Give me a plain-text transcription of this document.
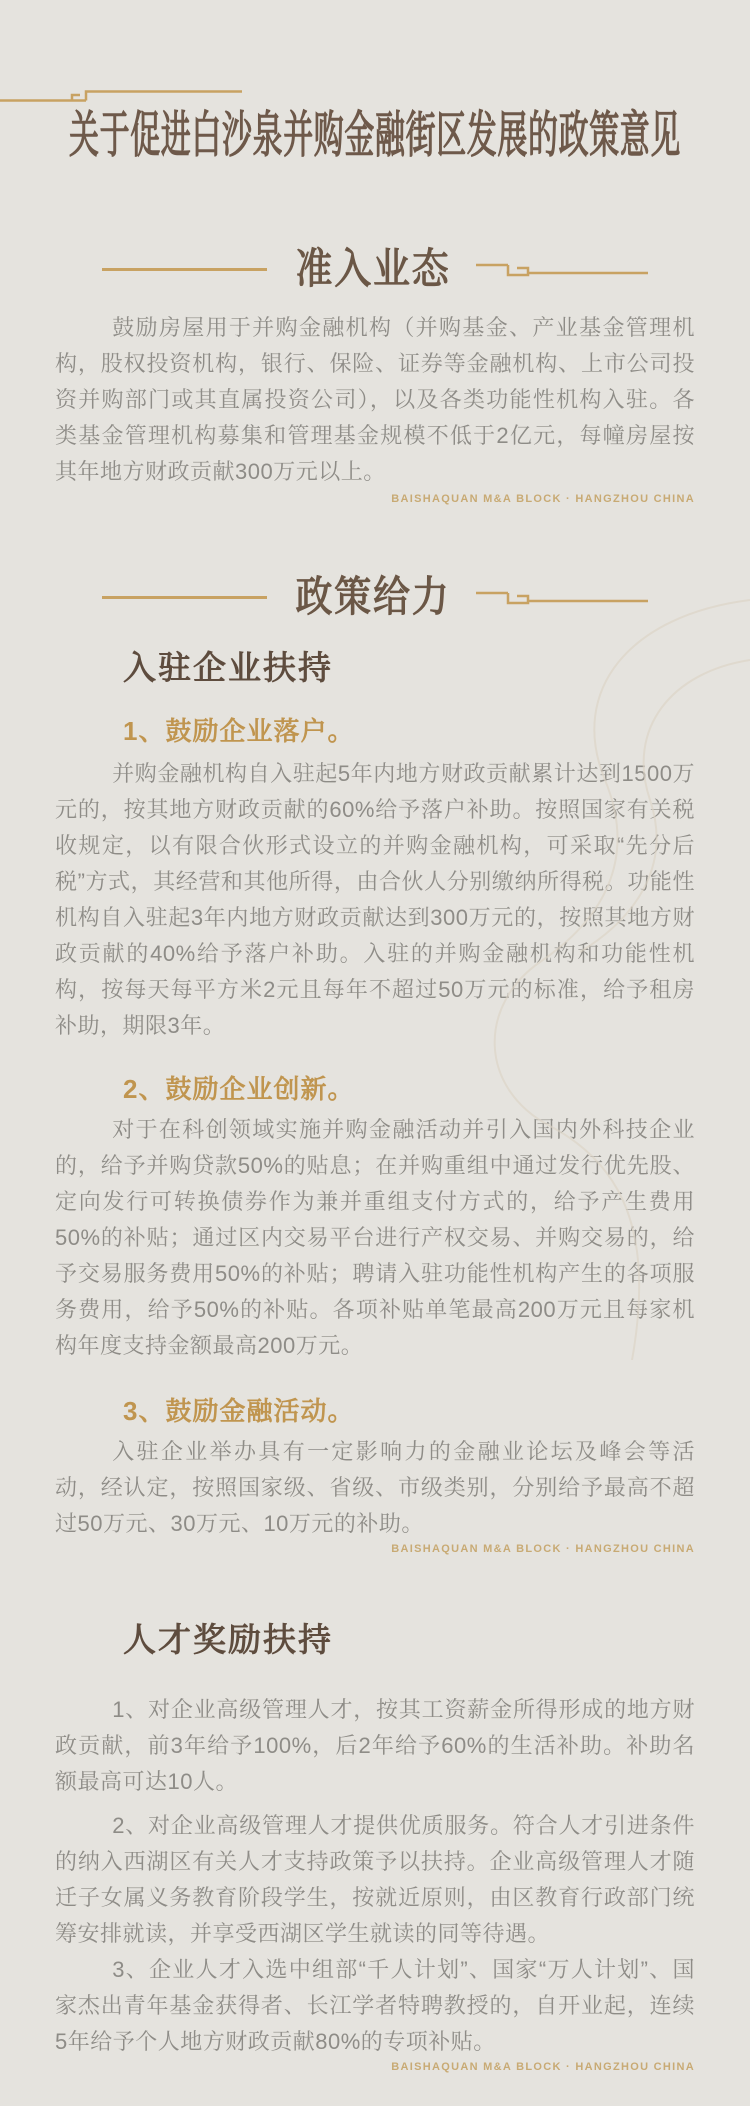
关于促进白沙泉并购金融街区发展的政策意见
准入业态
鼓励房屋用于并购金融机构（并购基金、产业基金管理机构，股权投资机构，银行、保险、证券等金融机构、上市公司投资并购部门或其直属投资公司），以及各类功能性机构入驻。各类基金管理机构募集和管理基金规模不低于2亿元，每幢房屋按其年地方财政贡献300万元以上。
BAISHAQUAN M&A BLOCK · HANGZHOU CHINA
政策给力
入驻企业扶持
1、鼓励企业落户。
并购金融机构自入驻起5年内地方财政贡献累计达到1500万元的，按其地方财政贡献的60%给予落户补助。按照国家有关税收规定，以有限合伙形式设立的并购金融机构，可采取“先分后税”方式，其经营和其他所得，由合伙人分别缴纳所得税。功能性机构自入驻起3年内地方财政贡献达到300万元的，按照其地方财政贡献的40%给予落户补助。入驻的并购金融机构和功能性机构，按每天每平方米2元且每年不超过50万元的标准，给予租房补助，期限3年。
2、鼓励企业创新。
对于在科创领域实施并购金融活动并引入国内外科技企业的，给予并购贷款50%的贴息；在并购重组中通过发行优先股、定向发行可转换债券作为兼并重组支付方式的，给予产生费用50%的补贴；通过区内交易平台进行产权交易、并购交易的，给予交易服务费用50%的补贴；聘请入驻功能性机构产生的各项服务费用，给予50%的补贴。各项补贴单笔最高200万元且每家机构年度支持金额最高200万元。
3、鼓励金融活动。
入驻企业举办具有一定影响力的金融业论坛及峰会等活动，经认定，按照国家级、省级、市级类别，分别给予最高不超过50万元、30万元、10万元的补助。
BAISHAQUAN M&A BLOCK · HANGZHOU CHINA
人才奖励扶持
1、对企业高级管理人才，按其工资薪金所得形成的地方财政贡献，前3年给予100%，后2年给予60%的生活补助。补助名额最高可达10人。
2、对企业高级管理人才提供优质服务。符合人才引进条件的纳入西湖区有关人才支持政策予以扶持。企业高级管理人才随迁子女属义务教育阶段学生，按就近原则，由区教育行政部门统筹安排就读，并享受西湖区学生就读的同等待遇。
3、企业人才入选中组部“千人计划”、国家“万人计划”、国家杰出青年基金获得者、长江学者特聘教授的，自开业起，连续5年给予个人地方财政贡献80%的专项补贴。
BAISHAQUAN M&A BLOCK · HANGZHOU CHINA
